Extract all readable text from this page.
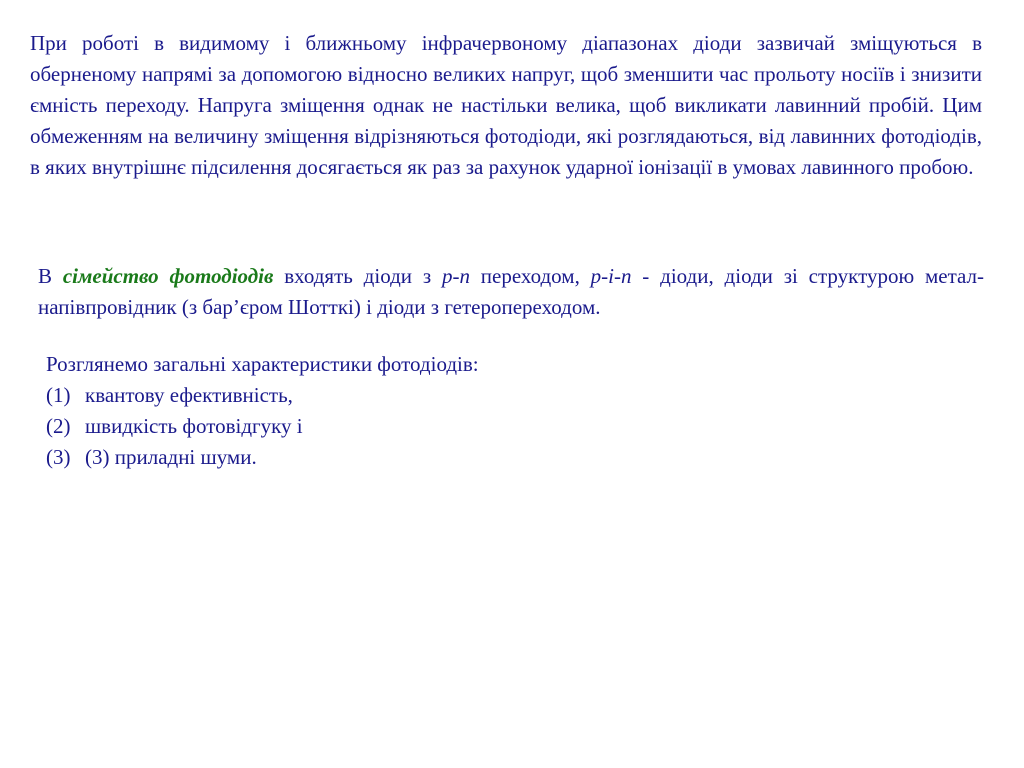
При роботі в видимому і ближньому інфрачервоному діапазонах діоди зазвичай зміщуються в оберненому напрямі за допомогою відносно великих напруг, щоб зменшити час прольоту носіїв і знизити ємність переходу. Напруга зміщення однак не настільки велика, щоб викликати лавинний пробій. Цим обмеженням на величину зміщення відрізняються фотодіоди, які розглядаються, від лавинних фотодіодів, в яких внутрішнє підсилення досягається як раз за рахунок ударної іонізації в умовах лавинного пробою.

В сімейство фотодіодів входять діоди з p-n переходом, p-i-n - діоди, діоди зі структурою метал-напівпровідник (з бар’єром Шотткі) і діоди з гетеропереходом.

Розглянемо загальні характеристики фотодіодів:
(1) квантову ефективність,
(2) швидкість фотовідгуку і
(3) (3) приладні шуми.
